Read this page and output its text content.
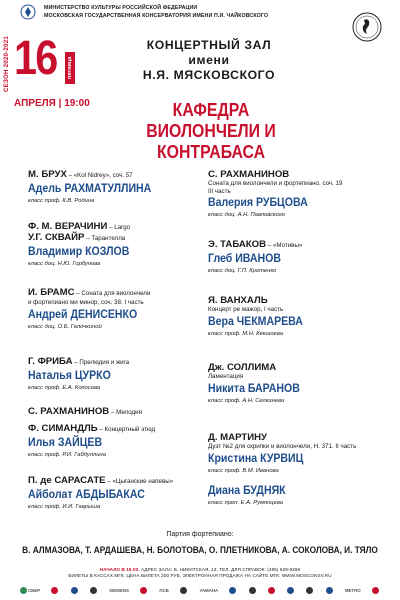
СЕЗОН 2020-2021
МИНИСТЕРСТВО КУЛЬТУРЫ РОССИЙСКОЙ ФЕДЕРАЦИИ
МОСКОВСКАЯ ГОСУДАРСТВЕННАЯ КОНСЕРВАТОРИЯ ИМЕНИ П.И. ЧАЙКОВСКОГО
16	пятница
АПРЕЛЯ | 19:00
КОНЦЕРТНЫЙ ЗАЛ
имени
Н.Я. МЯСКОВСКОГО
КАФЕДРА
ВИОЛОНЧЕЛИ И КОНТРАБАСА
М. БРУХ – «Kol Nidrey», соч. 57
Адель РАХМАТУЛЛИНА
класс проф. К.В. Родина
Ф. М. ВЕРАЧИНИ – Largo
У.Г. СКВАЙР – Тарантелла
Владимир КОЗЛОВ
класс доц. Н.Ю. Горбунова
И. БРАМС – Соната для виолончели
и фортепиано ми минор, соч. 38. I часть
Андрей ДЕНИСЕНКО
класс доц. О.Б. Галочкиной
Г. ФРИБА – Прелюдия и жига
Наталья ЦУРКО
класс проф. Е.А. Колосова
С. РАХМАНИНОВ – Мелодия
Ф. СИМАНДЛЬ – Концертный этюд
Илья ЗАЙЦЕВ
класс проф. Р.И. Габдуллина
П. де САРАСАТЕ – «Цыганские напевы»
Айболат АБДЫБАКАС
класс проф. И.И. Гаврыша
С. РАХМАНИНОВ
Соната для виолончели и фортепиано, соч. 19
III часть
Валерия РУБЦОВА
класс доц. А.Н. Павловского
Э. ТАБАКОВ – «Мотивы»
Глеб ИВАНОВ
класс доц. Г.П. Кротенко
Я. ВАНХАЛЬ
Концерт ре мажор, I часть
Вера ЧЕКМАРЕВА
класс проф. М.Н. Кекшоева
Дж. СОЛЛИМА
Ламентация
Никита БАРАНОВ
класс проф. А.Н. Селезнева
Д. МАРТИНУ
Дуэт №2 для скрипки и виолончели, H. 371. II часть
Кристина КУРВИЦ
класс проф. В.М. Иванова
Диана БУДНЯК
класс преп. Е.А. Румянцева
Партия фортепиано:
В. АЛМАЗОВА, Т. АРДАШЕВА, Н. БОЛОТОВА, О. ПЛЕТНИКОВА, А. СОКОЛОВА, И. ТЯЛО
НАЧАЛО В 19.00. АДРЕС ЗАЛА: Б. НИКИТСКАЯ, 13. ТЕЛ. ДЛЯ СПРАВОК: (495) 629-9368
БИЛЕТЫ В КАССАХ МГК. ЦЕНА БИЛЕТА 200 РУБ. ЭЛЕКТРОННАЯ ПРОДАЖА НА САЙТЕ МГК: WWW.MOSCONSV.RU
СБЕР	SIEMENS	ПСБ	YAMAHA	METRO
